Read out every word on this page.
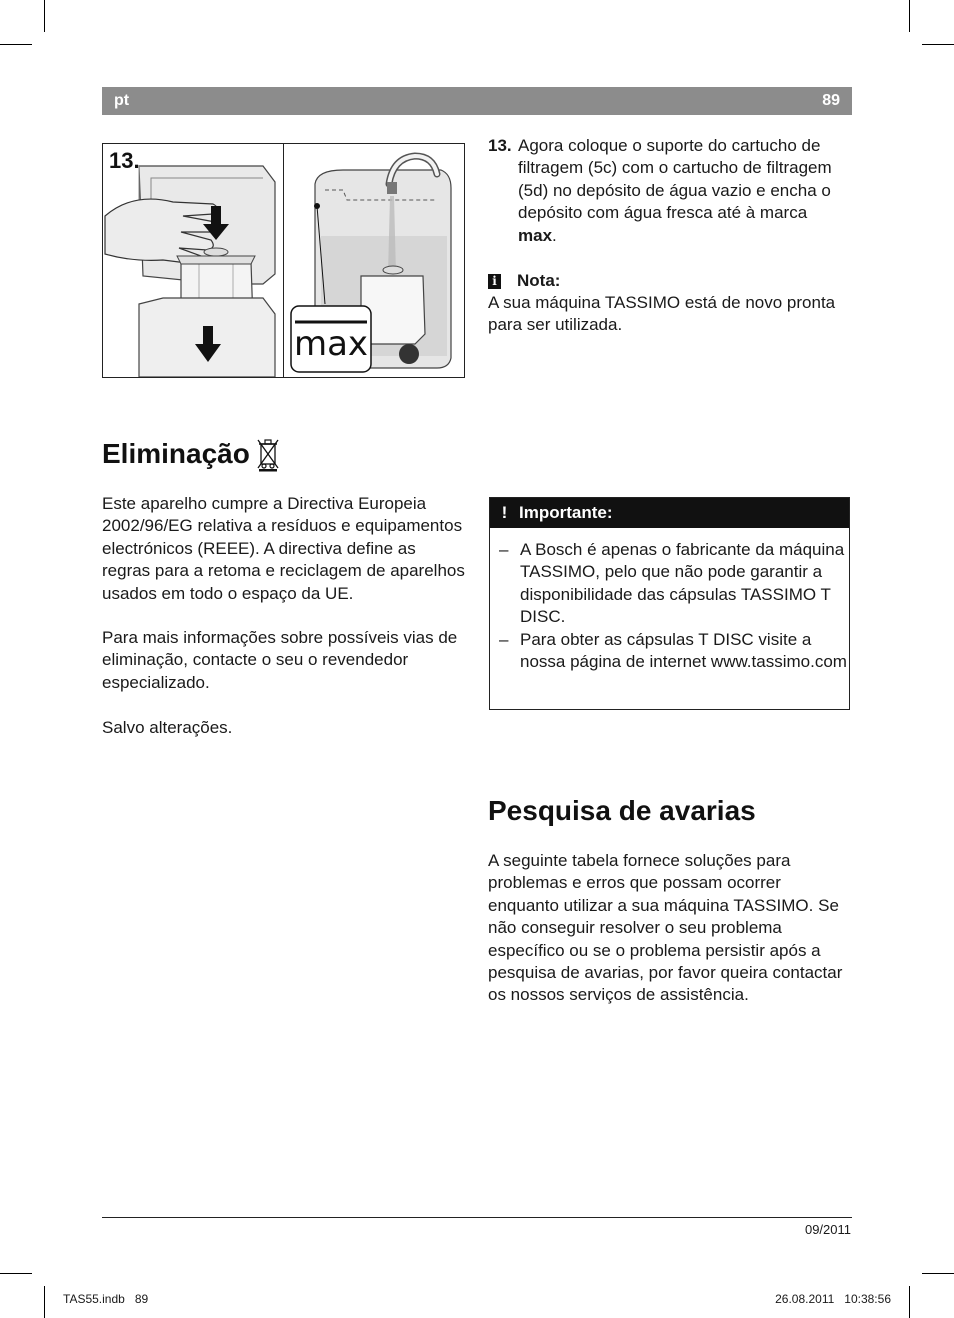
pt	89
13.
max
13. Agora coloque o suporte do cartucho de filtragem (5c) com o cartucho de filtragem (5d) no depósito de água vazio e encha o depósito com água fresca até à marca max.
i Nota:
A sua máquina TASSIMO está de novo pronta para ser utilizada.
Eliminação

Este aparelho cumpre a Directiva Europeia 2002/96/EG relativa a resíduos e equipamentos electrónicos (REEE). A directiva define as regras para a retoma e reciclagem de aparelhos usados em todo o espaço da UE.

Para mais informações sobre possíveis vias de eliminação, contacte o seu o revendedor especializado.

Salvo alterações.

! Importante:
– A Bosch é apenas o fabricante da máquina TASSIMO, pelo que não pode garantir a disponibilidade das cápsulas TASSIMO T DISC.
– Para obter as cápsulas T DISC visite a nossa página de internet www.tassimo.com
Pesquisa de avarias

A seguinte tabela fornece soluções para problemas e erros que possam ocorrer enquanto utilizar a sua máquina TASSIMO. Se não conseguir resolver o seu problema específico ou se o problema persistir após a pesquisa de avarias, por favor queira contactar os nossos serviços de assistência.

09/2011
TAS55.indb   89	26.08.2011   10:38:56
